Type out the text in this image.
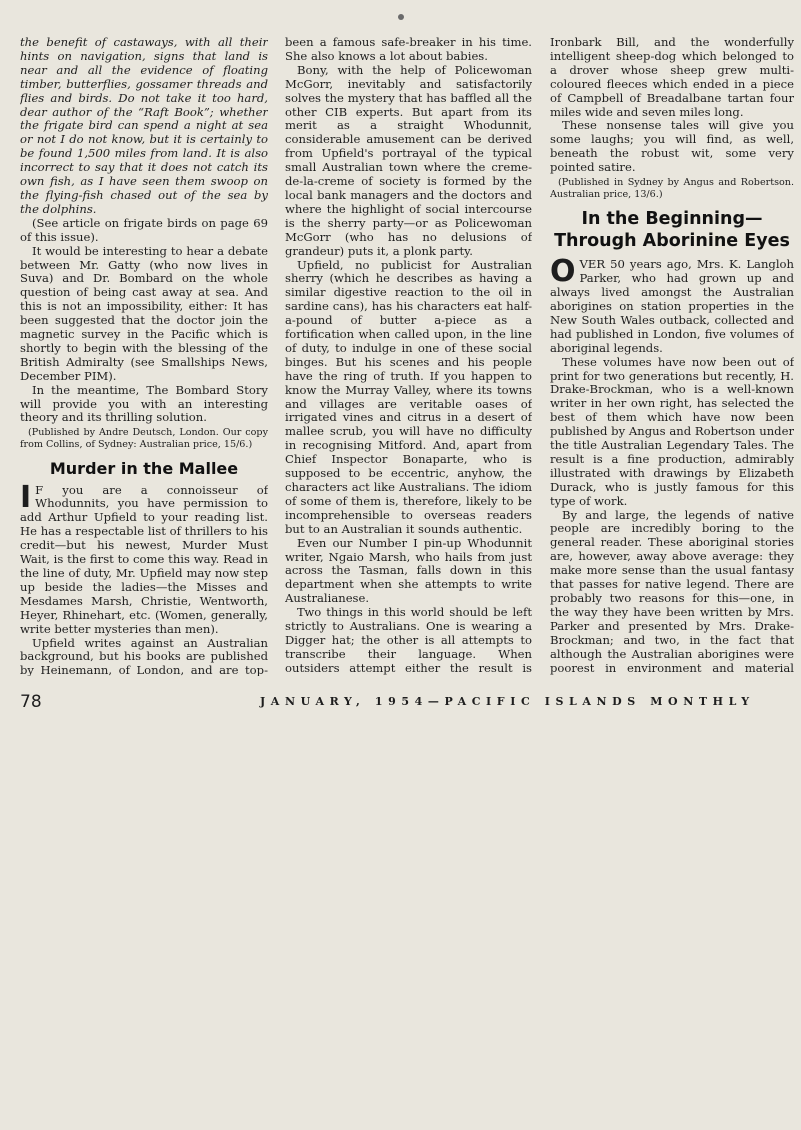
the benefit of castaways, with all their hints on navigation, signs that land is near and all the evidence of floating timber, butterflies, gossamer threads and flies and birds. Do not take it too hard, dear author of the “Raft Book”; whether the frigate bird can spend a night at sea or not I do not know, but it is certainly to be found 1,500 miles from land. It is also incorrect to say that it does not catch its own fish, as I have seen them swoop on the flying-fish chased out of the sea by the dolphins.

(See article on frigate birds on page 69 of this issue).

It would be interesting to hear a debate between Mr. Gatty (who now lives in Suva) and Dr. Bombard on the whole question of being cast away at sea. And this is not an impossibility, either: It has been suggested that the doctor join the magnetic survey in the Pacific which is shortly to begin with the blessing of the British Admiralty (see Smallships News, December PIM).

In the meantime, The Bombard Story will provide you with an interesting theory and its thrilling solution.

(Published by Andre Deutsch, London. Our copy from Collins, of Sydney: Australian price, 15/6.)

Murder in the Mallee

I F you are a connoisseur of Whodunnits, you have permission to add Arthur Upfield to your reading list. He has a respectable list of thrillers to his credit—but his newest, Murder Must Wait, is the first to come this way. Read in the line of duty, Mr. Upfield may now step up beside the ladies—the Misses and Mesdames Marsh, Christie, Wentworth, Heyer, Rhinehart, etc. (Women, generally, write better mysteries than men).

Upfield writes against an Australian background, but his books are published by Heinemann, of London, and are top-

been a famous safe-breaker in his time. She also knows a lot about babies.

Bony, with the help of Policewoman McGorr, inevitably and satisfactorily solves the mystery that has baffled all the other CIB experts. But apart from its merit as a straight Whodunnit, considerable amusement can be derived from Upfield's portrayal of the typical small Australian town where the creme-de-la-creme of society is formed by the local bank managers and the doctors and where the highlight of social intercourse is the sherry party—or as Policewoman McGorr (who has no delusions of grandeur) puts it, a plonk party.

Upfield, no publicist for Australian sherry (which he describes as having a similar digestive reaction to the oil in sardine cans), has his characters eat half-a-pound of butter a-piece as a fortification when called upon, in the line of duty, to indulge in one of these social binges. But his scenes and his people have the ring of truth. If you happen to know the Murray Valley, where its towns and villages are veritable oases of irrigated vines and citrus in a desert of mallee scrub, you will have no difficulty in recognising Mitford. And, apart from Chief Inspector Bonaparte, who is supposed to be eccentric, anyhow, the characters act like Australians. The idiom of some of them is, therefore, likely to be incomprehensible to overseas readers but to an Australian it sounds authentic.

Even our Number I pin-up Whodunnit writer, Ngaio Marsh, who hails from just across the Tasman, falls down in this department when she attempts to write Australianese.

Two things in this world should be left strictly to Australians. One is wearing a Digger hat; the other is all attempts to transcribe their language. When outsiders attempt either the result is

Ironbark Bill, and the wonderfully intelligent sheep-dog which belonged to a drover whose sheep grew multi-coloured fleeces which ended in a piece of Campbell of Breadalbane tartan four miles wide and seven miles long.

These nonsense tales will give you some laughs; you will find, as well, beneath the robust wit, some very pointed satire.

(Published in Sydney by Angus and Robertson. Australian price, 13/6.)

In the Beginning—Through Aborinine Eyes

OVER 50 years ago, Mrs. K. Langloh Parker, who had grown up and always lived amongst the Australian aborigines on station properties in the New South Wales outback, collected and had published in London, five volumes of aboriginal legends.

These volumes have now been out of print for two generations but recently, H. Drake-Brockman, who is a well-known writer in her own right, has selected the best of them which have now been published by Angus and Robertson under the title Australian Legendary Tales. The result is a fine production, admirably illustrated with drawings by Elizabeth Durack, who is justly famous for this type of work.

By and large, the legends of native people are incredibly boring to the general reader. These aboriginal stories are, however, away above average: they make more sense than the usual fantasy that passes for native legend. There are probably two reasons for this—one, in the way they have been written by Mrs. Parker and presented by Mrs. Drake-Brockman; and two, in the fact that although the Australian aborigines were poorest in environment and material

78	JANUARY, 1954—PACIFIC ISLANDS MONTHLY
